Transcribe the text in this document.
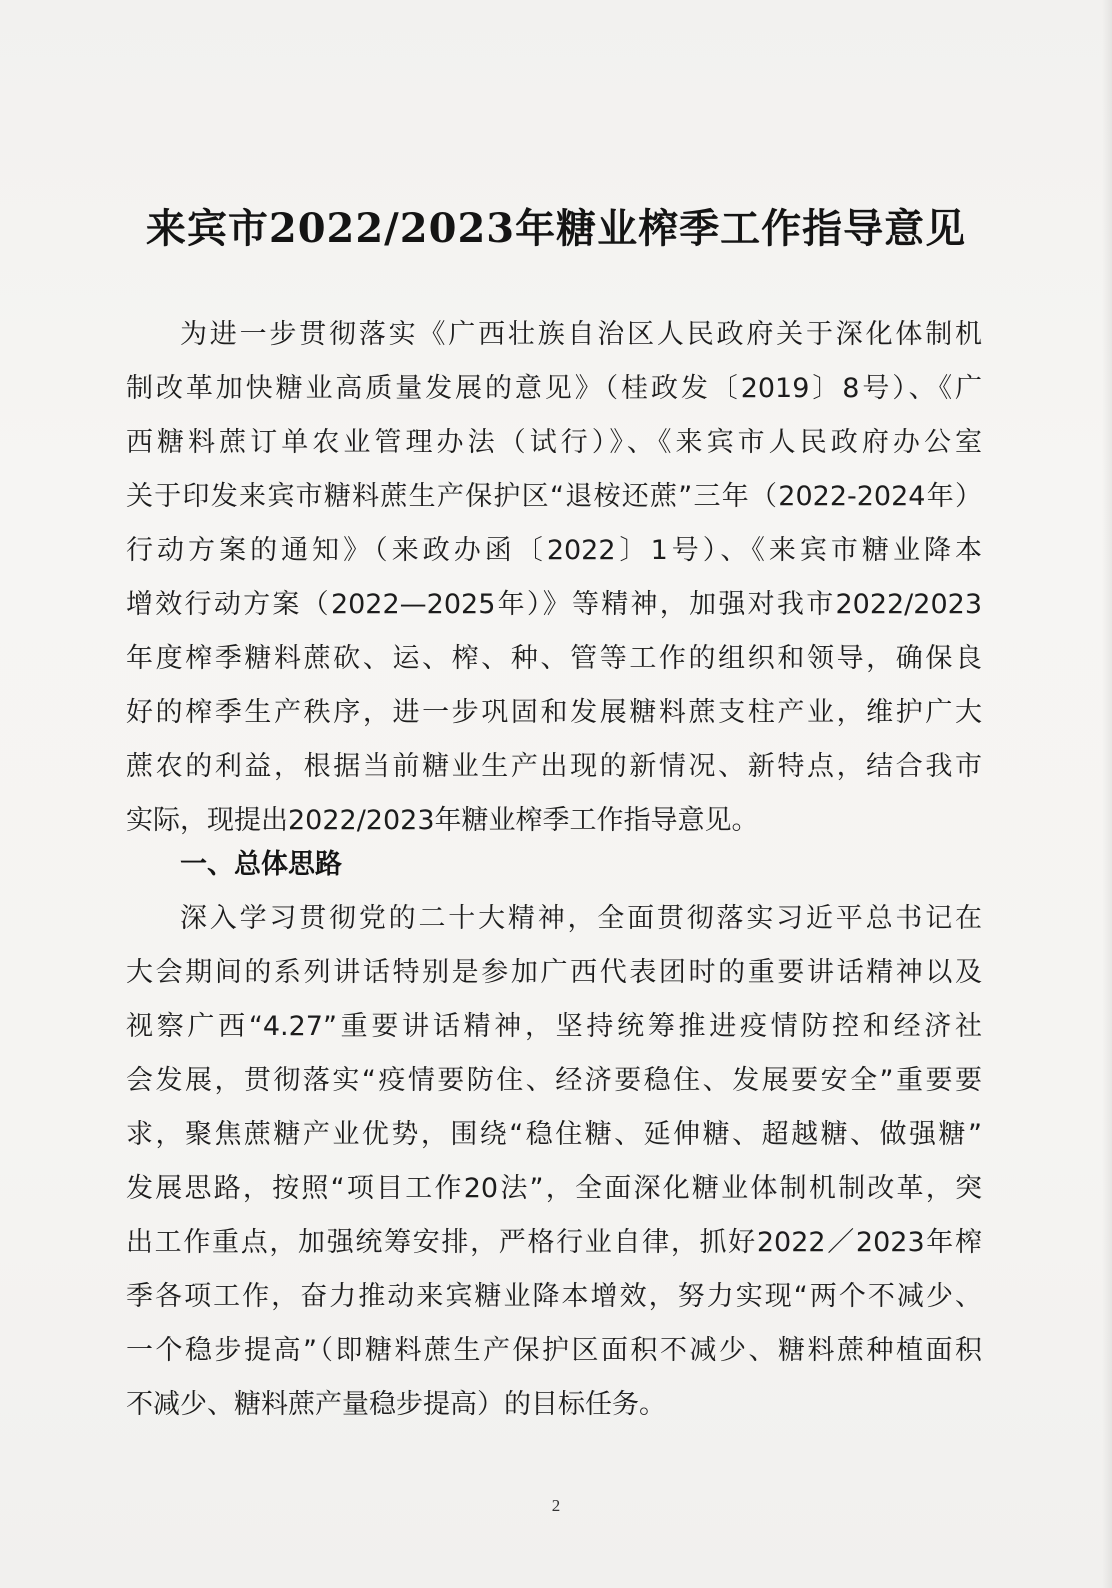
来宾市2022/2023年糖业榨季工作指导意见
为进一步贯彻落实《广西壮族自治区人民政府关于深化体制机
制改革加快糖业高质量发展的意见》（桂政发〔2019〕8号）、《广
西糖料蔗订单农业管理办法（试行）》、《来宾市人民政府办公室
关于印发来宾市糖料蔗生产保护区“退桉还蔗”三年（2022-2024年）
行动方案的通知》（来政办函〔2022〕1号）、《来宾市糖业降本
增效行动方案（2022—2025年）》等精神，加强对我市2022/2023
年度榨季糖料蔗砍、运、榨、种、管等工作的组织和领导，确保良
好的榨季生产秩序，进一步巩固和发展糖料蔗支柱产业，维护广大
蔗农的利益，根据当前糖业生产出现的新情况、新特点，结合我市
实际，现提出2022/2023年糖业榨季工作指导意见。
一、总体思路
深入学习贯彻党的二十大精神，全面贯彻落实习近平总书记在
大会期间的系列讲话特别是参加广西代表团时的重要讲话精神以及
视察广西“4.27”重要讲话精神，坚持统筹推进疫情防控和经济社
会发展，贯彻落实“疫情要防住、经济要稳住、发展要安全”重要要
求，聚焦蔗糖产业优势，围绕“稳住糖、延伸糖、超越糖、做强糖”
发展思路，按照“项目工作20法”，全面深化糖业体制机制改革，突
出工作重点，加强统筹安排，严格行业自律，抓好2022／2023年榨
季各项工作，奋力推动来宾糖业降本增效，努力实现“两个不减少、
一个稳步提高”（即糖料蔗生产保护区面积不减少、糖料蔗种植面积
不减少、糖料蔗产量稳步提高）的目标任务。
2
